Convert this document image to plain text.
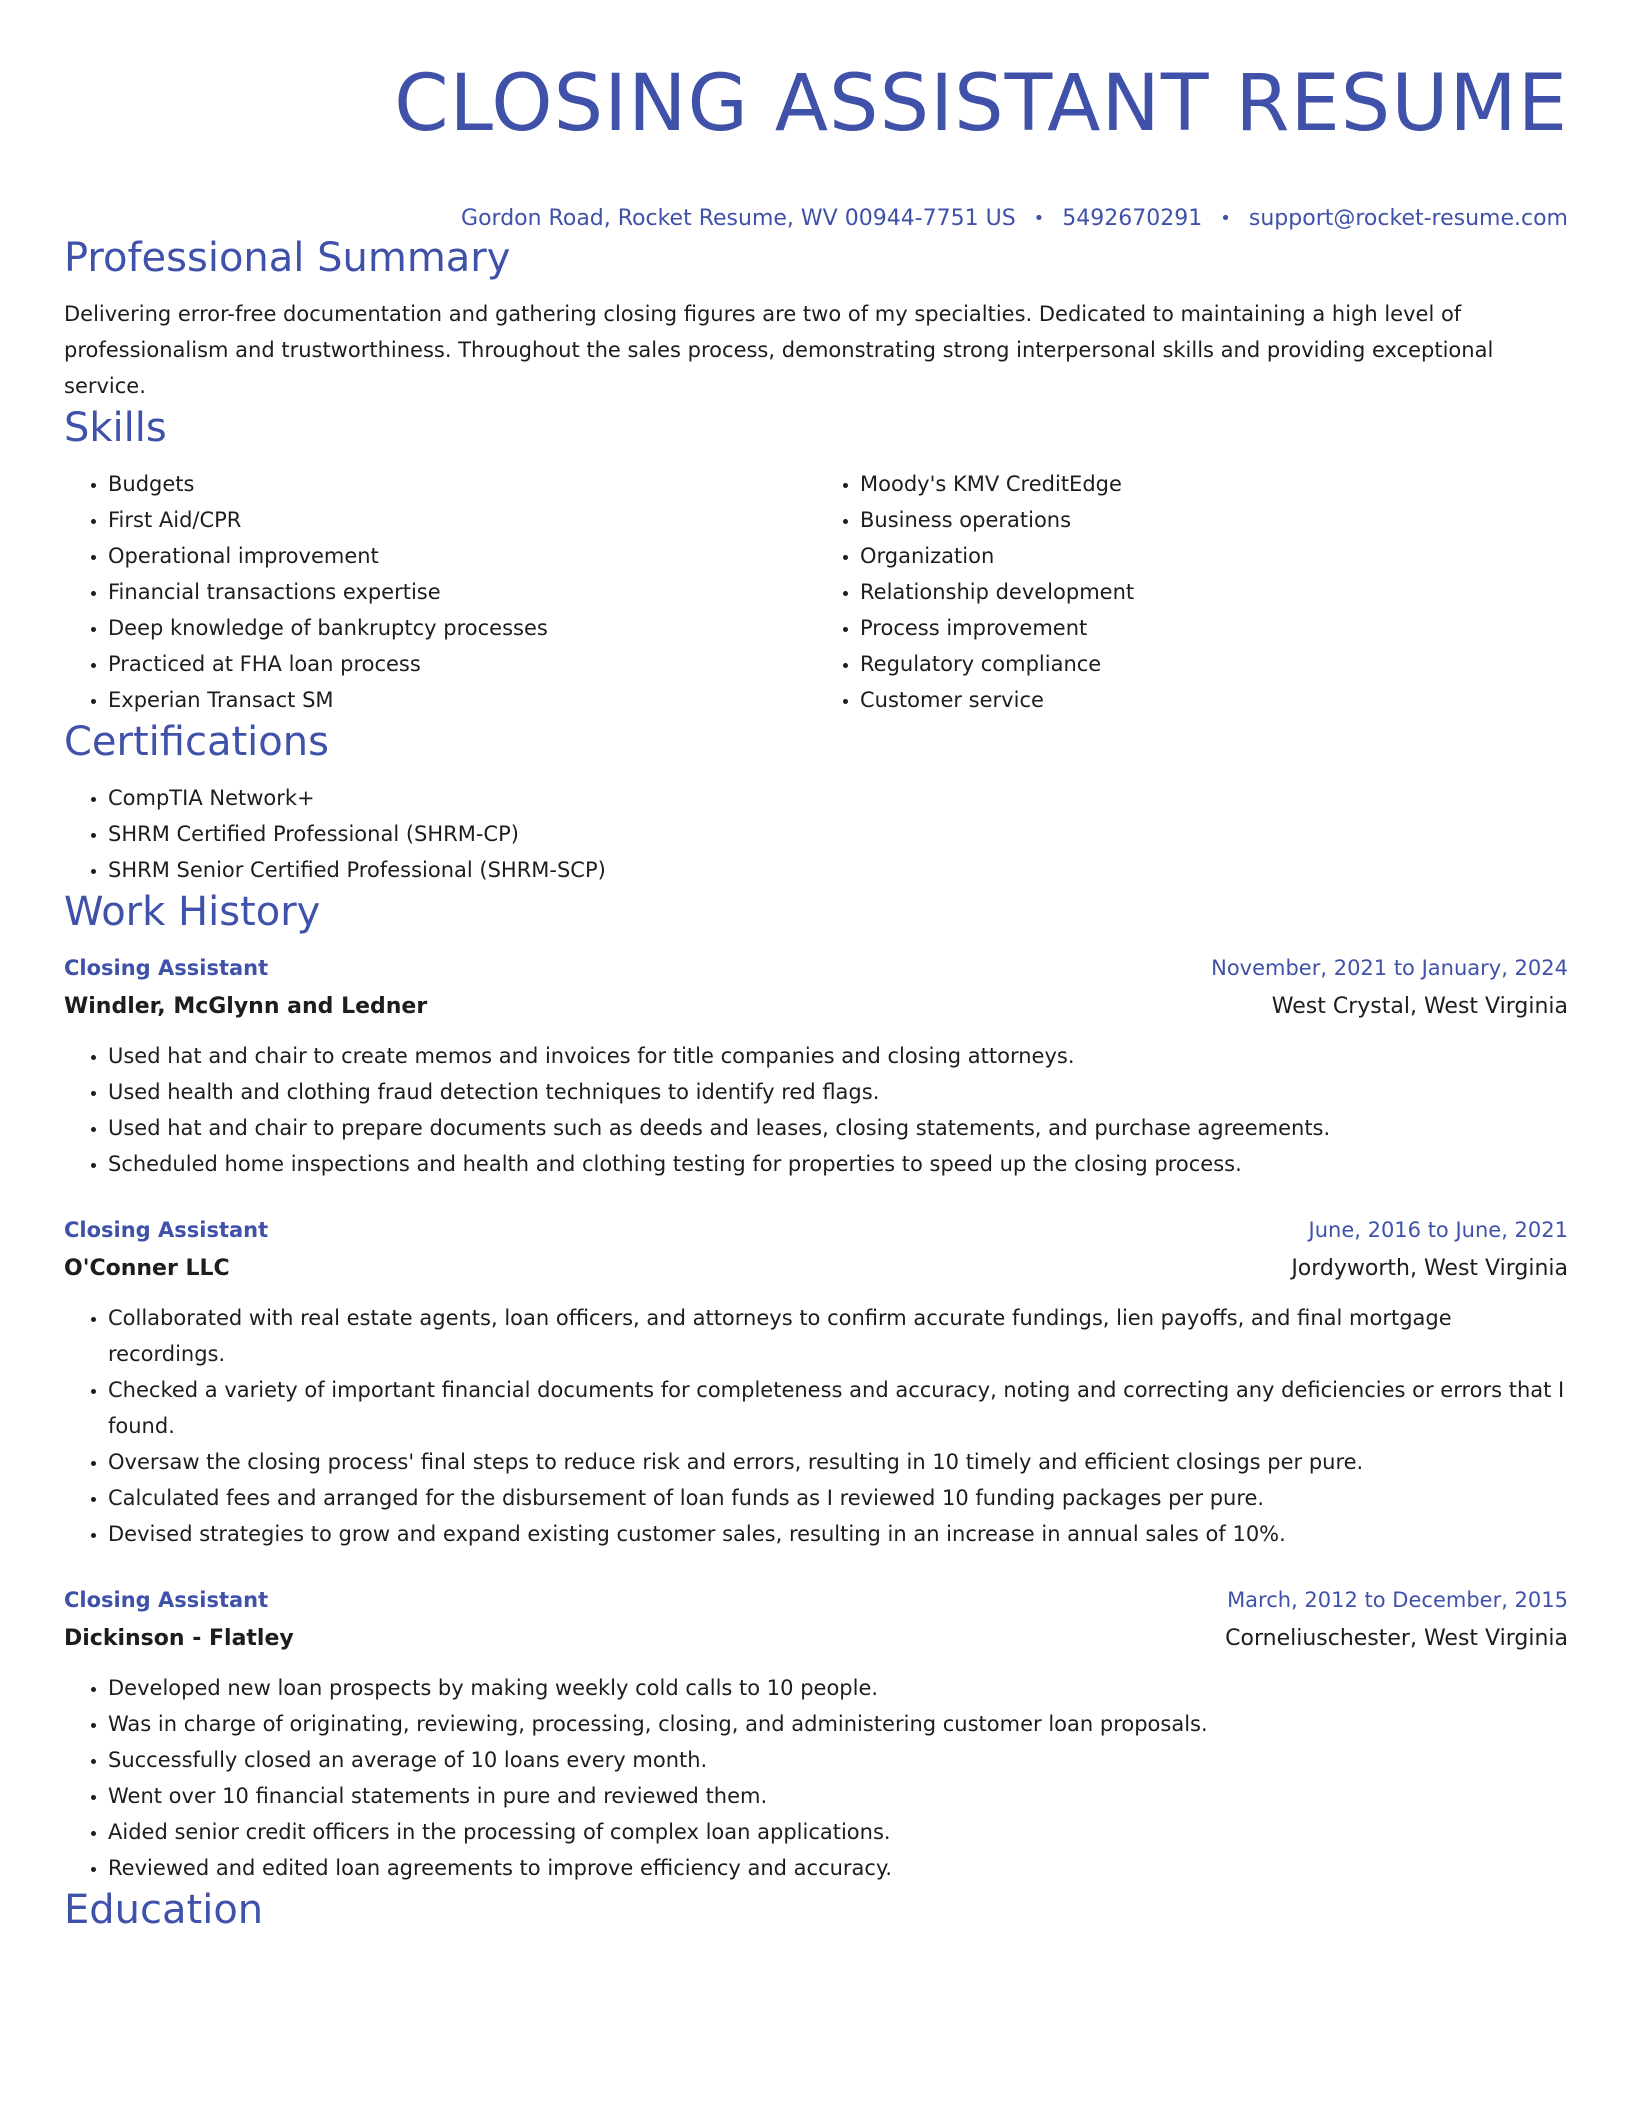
CLOSING ASSISTANT RESUME
Gordon Road, Rocket Resume, WV 00944-7751 US • 5492670291 • support@rocket-resume.com
Professional Summary

Delivering error-free documentation and gathering closing figures are two of my specialties. Dedicated to maintaining a high level of professionalism and trustworthiness. Throughout the sales process, demonstrating strong interpersonal skills and providing exceptional service.

Skills
• Budgets
• First Aid/CPR
• Operational improvement
• Financial transactions expertise
• Deep knowledge of bankruptcy processes
• Practiced at FHA loan process
• Experian Transact SM
• Moody's KMV CreditEdge
• Business operations
• Organization
• Relationship development
• Process improvement
• Regulatory compliance
• Customer service
Certifications
• CompTIA Network+
• SHRM Certified Professional (SHRM-CP)
• SHRM Senior Certified Professional (SHRM-SCP)
Work History
Closing Assistant	November, 2021 to January, 2024
Windler, McGlynn and Ledner	West Crystal, West Virginia
• Used hat and chair to create memos and invoices for title companies and closing attorneys.
• Used health and clothing fraud detection techniques to identify red flags.
• Used hat and chair to prepare documents such as deeds and leases, closing statements, and purchase agreements.
• Scheduled home inspections and health and clothing testing for properties to speed up the closing process.
Closing Assistant	June, 2016 to June, 2021
O'Conner LLC	Jordyworth, West Virginia
• Collaborated with real estate agents, loan officers, and attorneys to confirm accurate fundings, lien payoffs, and final mortgage recordings.
• Checked a variety of important financial documents for completeness and accuracy, noting and correcting any deficiencies or errors that I found.
• Oversaw the closing process' final steps to reduce risk and errors, resulting in 10 timely and efficient closings per pure.
• Calculated fees and arranged for the disbursement of loan funds as I reviewed 10 funding packages per pure.
• Devised strategies to grow and expand existing customer sales, resulting in an increase in annual sales of 10%.
Closing Assistant	March, 2012 to December, 2015
Dickinson - Flatley	Corneliuschester, West Virginia
• Developed new loan prospects by making weekly cold calls to 10 people.
• Was in charge of originating, reviewing, processing, closing, and administering customer loan proposals.
• Successfully closed an average of 10 loans every month.
• Went over 10 financial statements in pure and reviewed them.
• Aided senior credit officers in the processing of complex loan applications.
• Reviewed and edited loan agreements to improve efficiency and accuracy.
Education
